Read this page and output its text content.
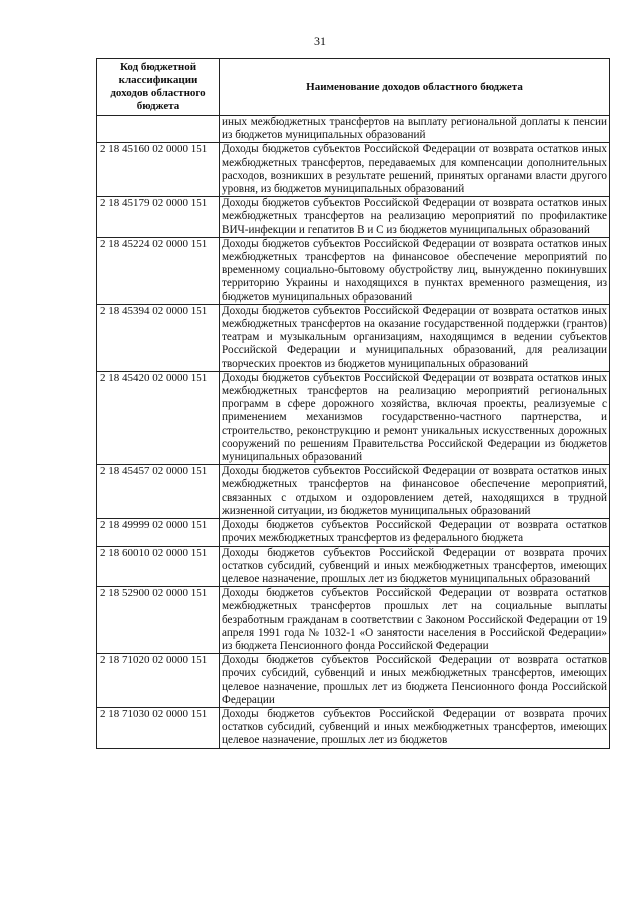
31
Код бюджетной классификации доходов областного бюджета	Наименование доходов областного бюджета
	иных межбюджетных трансфертов на выплату региональной доплаты к пенсии из бюджетов муниципальных образований
2 18 45160 02 0000 151	Доходы бюджетов субъектов Российской Федерации от возврата остатков иных межбюджетных трансфертов, передаваемых для компенсации дополнительных расходов, возникших в результате решений, принятых органами власти другого уровня, из бюджетов муниципальных образований
2 18 45179 02 0000 151	Доходы бюджетов субъектов Российской Федерации от возврата остатков иных межбюджетных трансфертов на реализацию мероприятий по профилактике ВИЧ-инфекции и гепатитов В и С из бюджетов муниципальных образований
2 18 45224 02 0000 151	Доходы бюджетов субъектов Российской Федерации от возврата остатков иных межбюджетных трансфертов на финансовое обеспечение мероприятий по временному социально-бытовому обустройству лиц, вынужденно покинувших территорию Украины и находящихся в пунктах временного размещения, из бюджетов муниципальных образований
2 18 45394 02 0000 151	Доходы бюджетов субъектов Российской Федерации от возврата остатков иных межбюджетных трансфертов на оказание государственной поддержки (грантов) театрам и музыкальным организациям, находящимся в ведении субъектов Российской Федерации и муниципальных образований, для реализации творческих проектов из бюджетов муниципальных образований
2 18 45420 02 0000 151	Доходы бюджетов субъектов Российской Федерации от возврата остатков иных межбюджетных трансфертов на реализацию мероприятий региональных программ в сфере дорожного хозяйства, включая проекты, реализуемые с применением механизмов государственно-частного партнерства, и строительство, реконструкцию и ремонт уникальных искусственных дорожных сооружений по решениям Правительства Российской Федерации из бюджетов муниципальных образований
2 18 45457 02 0000 151	Доходы бюджетов субъектов Российской Федерации от возврата остатков иных межбюджетных трансфертов на финансовое обеспечение мероприятий, связанных с отдыхом и оздоровлением детей, находящихся в трудной жизненной ситуации, из бюджетов муниципальных образований
2 18 49999 02 0000 151	Доходы бюджетов субъектов Российской Федерации от возврата остатков прочих межбюджетных трансфертов из федерального бюджета
2 18 60010 02 0000 151	Доходы бюджетов субъектов Российской Федерации от возврата прочих остатков субсидий, субвенций и иных межбюджетных трансфертов, имеющих целевое назначение, прошлых лет из бюджетов муниципальных образований
2 18 52900 02 0000 151	Доходы бюджетов субъектов Российской Федерации от возврата остатков межбюджетных трансфертов прошлых лет на социальные выплаты безработным гражданам в соответствии с Законом Российской Федерации от 19 апреля 1991 года № 1032-1 «О занятости населения в Российской Федерации» из бюджета Пенсионного фонда Российской Федерации
2 18 71020 02 0000 151	Доходы бюджетов субъектов Российской Федерации от возврата остатков прочих субсидий, субвенций и иных межбюджетных трансфертов, имеющих целевое назначение, прошлых лет из бюджета Пенсионного фонда Российской Федерации
2 18 71030 02 0000 151	Доходы бюджетов субъектов Российской Федерации от возврата прочих остатков субсидий, субвенций и иных межбюджетных трансфертов, имеющих целевое назначение, прошлых лет из бюджетов
